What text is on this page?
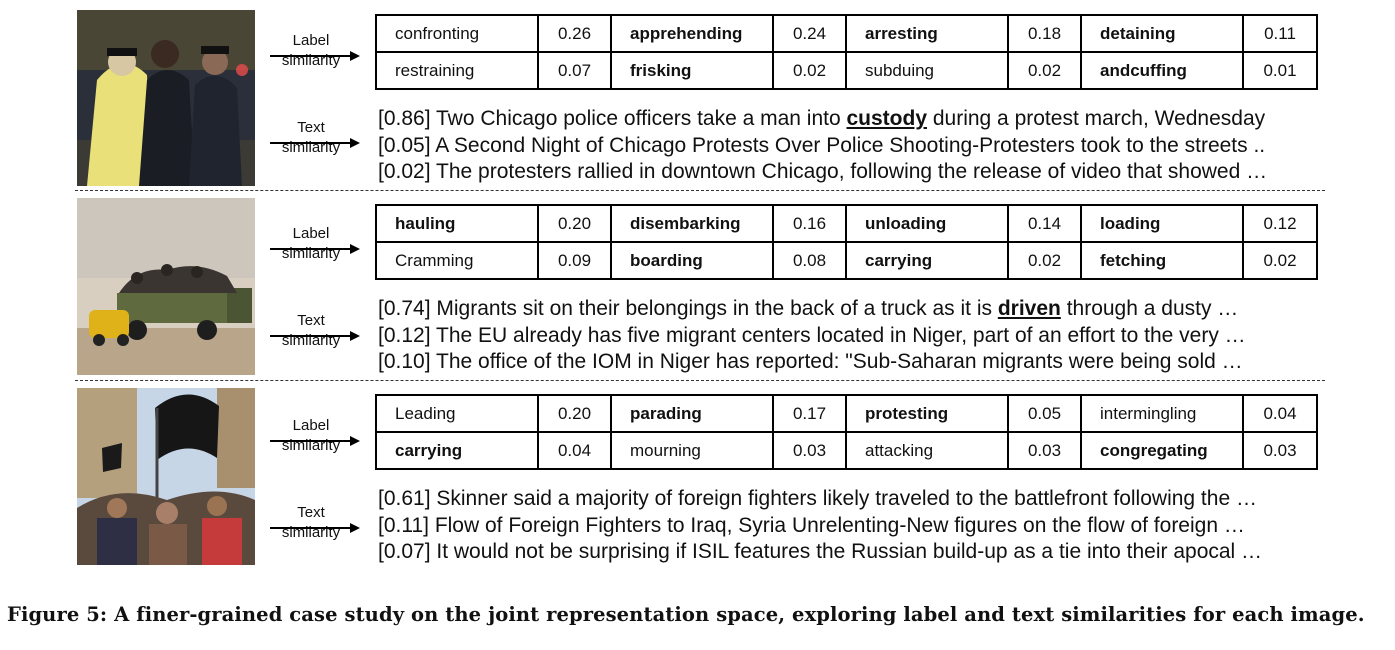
Label
similarity
confronting	0.26	apprehending	0.24	arresting	0.18	detaining	0.11
restraining	0.07	frisking	0.02	subduing	0.02	andcuffing	0.01
Text
similarity
[0.86] Two Chicago police officers take a man into custody during a protest march, Wednesday
[0.05] A Second Night of Chicago Protests Over Police Shooting-Protesters took to the streets ..
[0.02] The protesters rallied in downtown Chicago, following the release of video that showed …
Label
similarity
hauling	0.20	disembarking	0.16	unloading	0.14	loading	0.12
Cramming	0.09	boarding	0.08	carrying	0.02	fetching	0.02
Text
similarity
[0.74] Migrants sit on their belongings in the back of a truck as it is driven through a dusty …
[0.12] The EU already has five migrant centers located in Niger, part of an effort to the very …
[0.10] The office of the IOM in Niger has reported: "Sub-Saharan migrants were being sold …
Label
similarity
Leading	0.20	parading	0.17	protesting	0.05	intermingling	0.04
carrying	0.04	mourning	0.03	attacking	0.03	congregating	0.03
Text
similarity
[0.61] Skinner said a majority of foreign fighters likely traveled to the battlefront following the …
[0.11] Flow of Foreign Fighters to Iraq, Syria Unrelenting-New figures on the flow of foreign …
[0.07] It would not be surprising if ISIL features the Russian build-up as a tie into their apocal …
Figure 5: A finer-grained case study on the joint representation space, exploring label and text similarities for each image.
